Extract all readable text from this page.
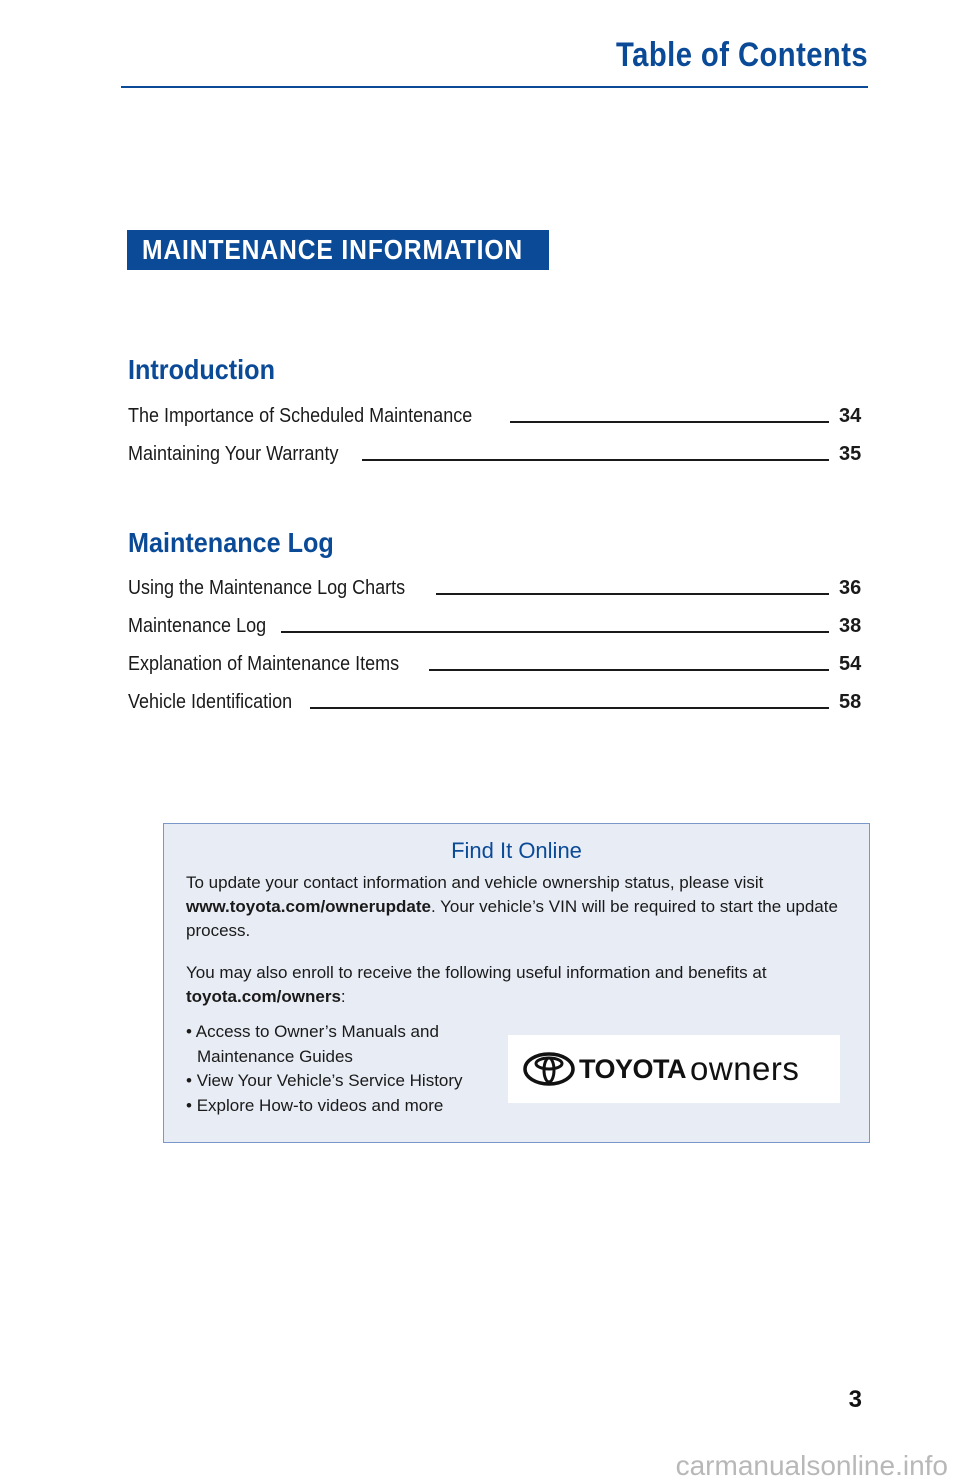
Table of Contents
MAINTENANCE INFORMATION
Introduction
The Importance of Scheduled Maintenance	34
Maintaining Your Warranty	35
Maintenance Log
Using the Maintenance Log Charts	36
Maintenance Log	38
Explanation of Maintenance Items	54
Vehicle Identification	58
Find It Online
To update your contact information and vehicle ownership status, please visit www.toyota.com/ownerupdate. Your vehicle’s VIN will be required to start the update process.
You may also enroll to receive the following useful information and benefits at toyota.com/owners:
• Access to Owner’s Manuals and Maintenance Guides
• View Your Vehicle’s Service History
• Explore How-to videos and more
TOYOTA owners
3
carmanualsonline.info
